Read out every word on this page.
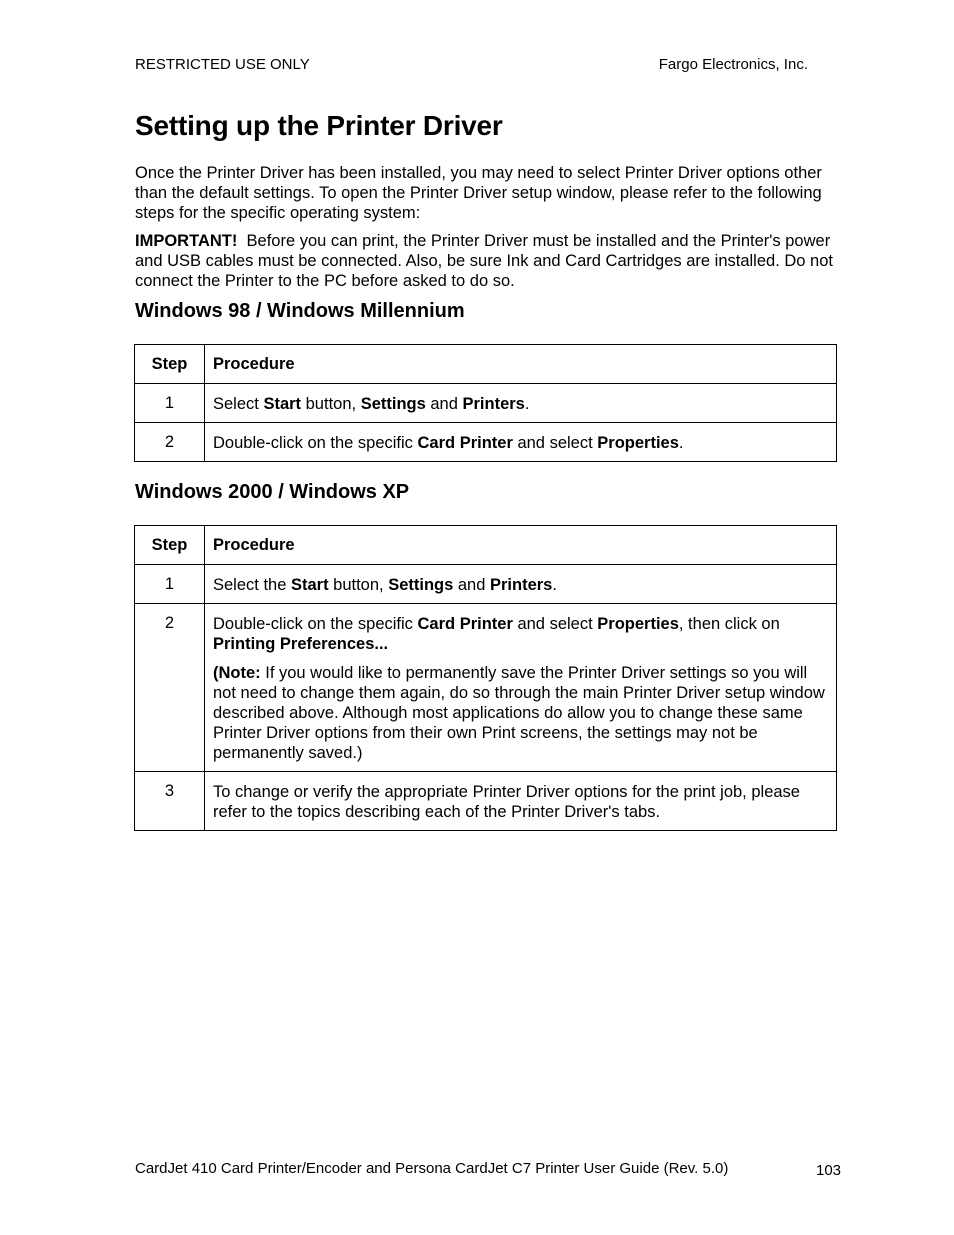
RESTRICTED USE ONLY	Fargo Electronics, Inc.
Setting up the Printer Driver

Once the Printer Driver has been installed, you may need to select Printer Driver options other than the default settings. To open the Printer Driver setup window, please refer to the following steps for the specific operating system:

IMPORTANT! Before you can print, the Printer Driver must be installed and the Printer's power and USB cables must be connected. Also, be sure Ink and Card Cartridges are installed. Do not connect the Printer to the PC before asked to do so.

Windows 98 / Windows Millennium
Step	Procedure
1	Select Start button, Settings and Printers.
2	Double-click on the specific Card Printer and select Properties.
Windows 2000 / Windows XP
Step	Procedure
1	Select the Start button, Settings and Printers.
2	Double-click on the specific Card Printer and select Properties, then click on Printing Preferences...
(Note: If you would like to permanently save the Printer Driver settings so you will not need to change them again, do so through the main Printer Driver setup window described above. Although most applications do allow you to change these same Printer Driver options from their own Print screens, the settings may not be permanently saved.)

3	To change or verify the appropriate Printer Driver options for the print job, please refer to the topics describing each of the Printer Driver's tabs.
CardJet 410 Card Printer/Encoder and Persona CardJet C7 Printer User Guide (Rev. 5.0)	103
